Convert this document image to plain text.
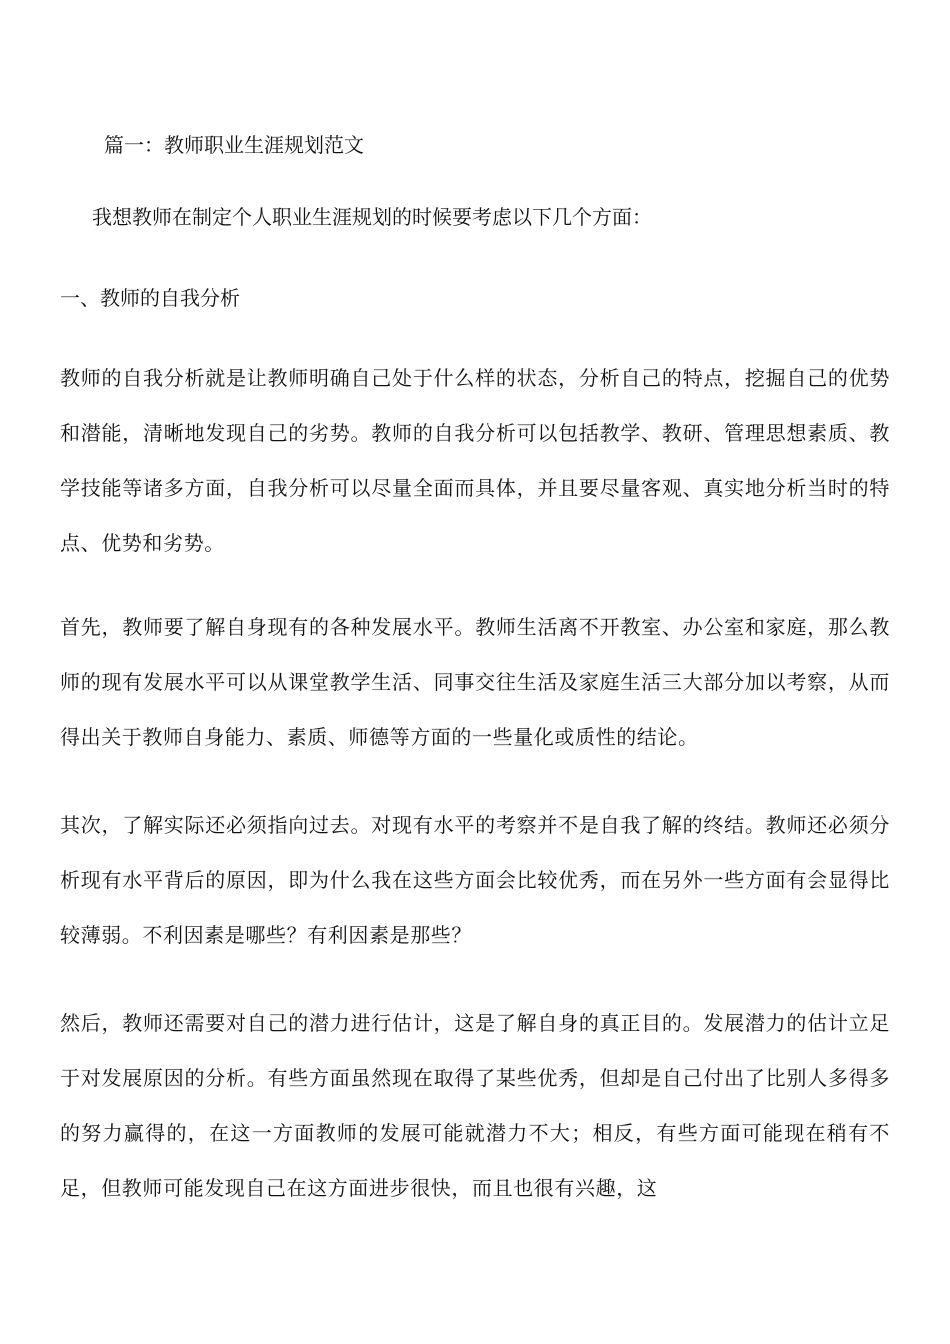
篇一：教师职业生涯规划范文
我想教师在制定个人职业生涯规划的时候要考虑以下几个方面：
一、教师的自我分析
教师的自我分析就是让教师明确自己处于什么样的状态，分析自己的特点，挖掘自己的优势和潜能，清晰地发现自己的劣势。教师的自我分析可以包括教学、教研、管理思想素质、教学技能等诸多方面，自我分析可以尽量全面而具体，并且要尽量客观、真实地分析当时的特点、优势和劣势。
首先，教师要了解自身现有的各种发展水平。教师生活离不开教室、办公室和家庭，那么教师的现有发展水平可以从课堂教学生活、同事交往生活及家庭生活三大部分加以考察，从而得出关于教师自身能力、素质、师德等方面的一些量化或质性的结论。
其次，了解实际还必须指向过去。对现有水平的考察并不是自我了解的终结。教师还必须分析现有水平背后的原因，即为什么我在这些方面会比较优秀，而在另外一些方面有会显得比较薄弱。不利因素是哪些？有利因素是那些？
然后，教师还需要对自己的潜力进行估计，这是了解自身的真正目的。发展潜力的估计立足于对发展原因的分析。有些方面虽然现在取得了某些优秀，但却是自己付出了比别人多得多的努力赢得的，在这一方面教师的发展可能就潜力不大；相反，有些方面可能现在稍有不足，但教师可能发现自己在这方面进步很快，而且也很有兴趣，这
